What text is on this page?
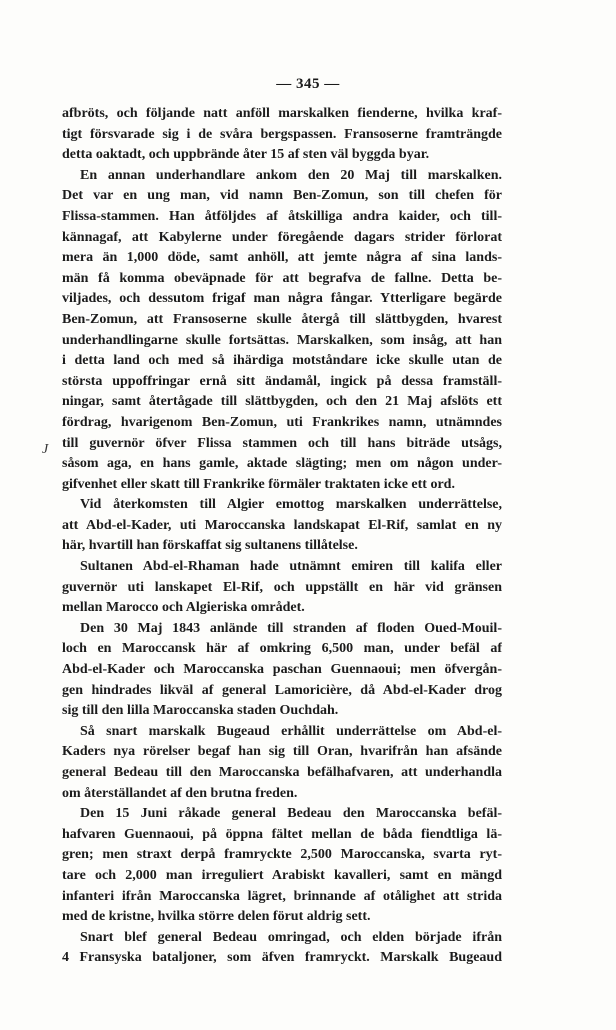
— 345 —
J
afbröts, och följande natt anföll marskalken fienderne, hvilka kraf-
tigt försvarade sig i de svåra bergspassen. Fransoserne framträngde
detta oaktadt, och uppbrände åter 15 af sten väl byggda byar.
En annan underhandlare ankom den 20 Maj till marskalken.
Det var en ung man, vid namn Ben-Zomun, son till chefen för
Flissa-stammen. Han åtföljdes af åtskilliga andra kaider, och till-
kännagaf, att Kabylerne under föregående dagars strider förlorat
mera än 1,000 döde, samt anhöll, att jemte några af sina lands-
män få komma obeväpnade för att begrafva de fallne. Detta be-
viljades, och dessutom frigaf man några fångar. Ytterligare begärde
Ben-Zomun, att Fransoserne skulle återgå till slättbygden, hvarest
underhandlingarne skulle fortsättas. Marskalken, som insåg, att han
i detta land och med så ihärdiga motståndare icke skulle utan de
största uppoffringar ernå sitt ändamål, ingick på dessa framställ-
ningar, samt återtågade till slättbygden, och den 21 Maj afslöts ett
fördrag, hvarigenom Ben-Zomun, uti Frankrikes namn, utnämndes
till guvernör öfver Flissa stammen och till hans biträde utsågs,
såsom aga, en hans gamle, aktade slägting; men om någon under-
gifvenhet eller skatt till Frankrike förmäler traktaten icke ett ord.
Vid återkomsten till Algier emottog marskalken underrättelse,
att Abd-el-Kader, uti Maroccanska landskapat El-Rif, samlat en ny
här, hvartill han förskaffat sig sultanens tillåtelse.
Sultanen Abd-el-Rhaman hade utnämnt emiren till kalifa eller
guvernör uti lanskapet El-Rif, och uppställt en här vid gränsen
mellan Marocco och Algieriska området.
Den 30 Maj 1843 anlände till stranden af floden Oued-Mouil-
loch en Maroccansk här af omkring 6,500 man, under befäl af
Abd-el-Kader och Maroccanska paschan Guennaoui; men öfvergån-
gen hindrades likväl af general Lamoricière, då Abd-el-Kader drog
sig till den lilla Maroccanska staden Ouchdah.
Så snart marskalk Bugeaud erhållit underrättelse om Abd-el-
Kaders nya rörelser begaf han sig till Oran, hvarifrån han afsände
general Bedeau till den Maroccanska befälhafvaren, att underhandla
om återställandet af den brutna freden.
Den 15 Juni råkade general Bedeau den Maroccanska befäl-
hafvaren Guennaoui, på öppna fältet mellan de båda fiendtliga lä-
gren; men straxt derpå framryckte 2,500 Maroccanska, svarta ryt-
tare och 2,000 man irreguliert Arabiskt kavalleri, samt en mängd
infanteri ifrån Maroccanska lägret, brinnande af otålighet att strida
med de kristne, hvilka större delen förut aldrig sett.
Snart blef general Bedeau omringad, och elden började ifrån
4 Fransyska bataljoner, som äfven framryckt. Marskalk Bugeaud
